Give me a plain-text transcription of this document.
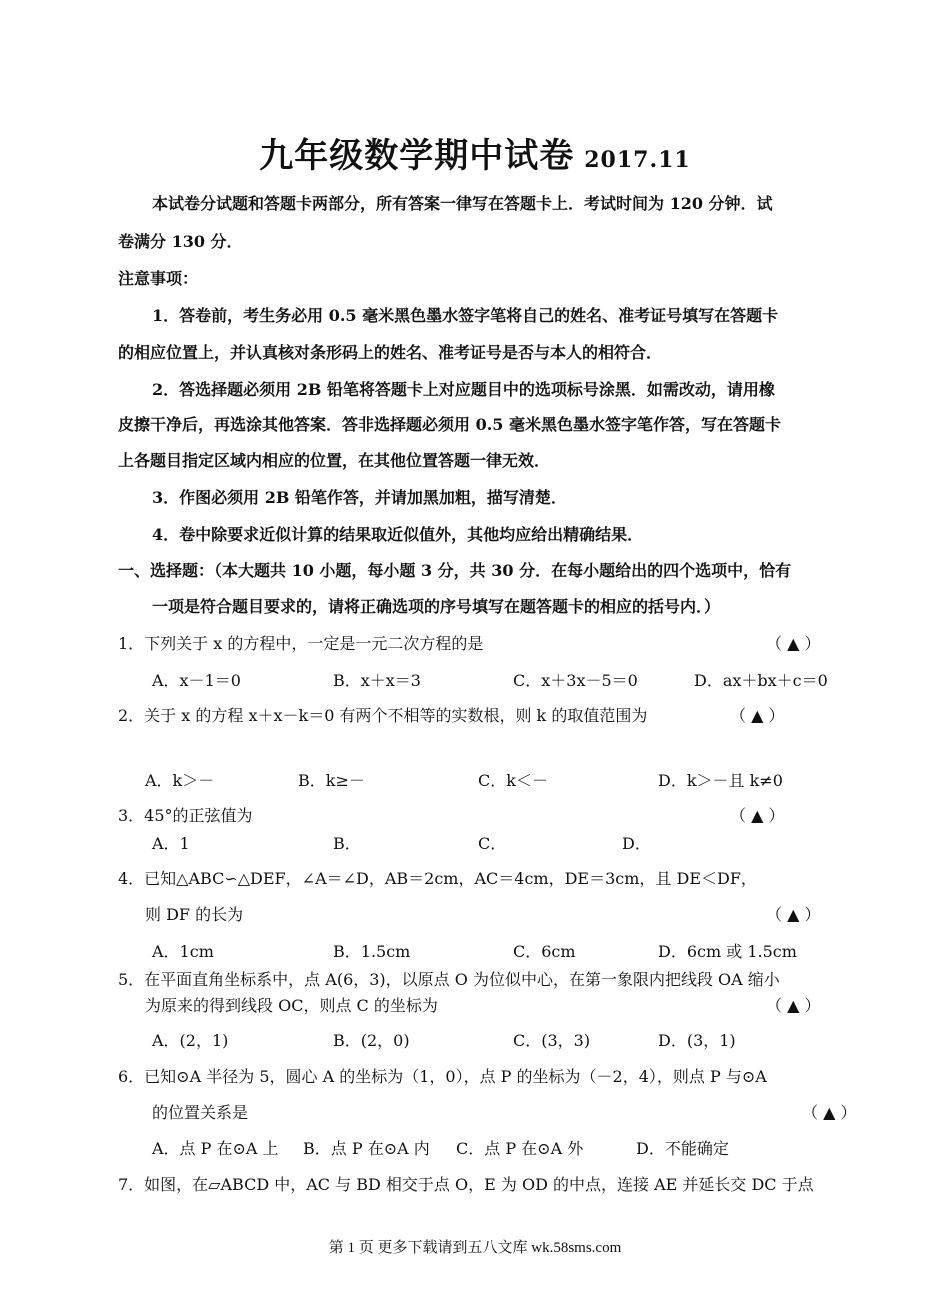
九年级数学期中试卷 2017.11
本试卷分试题和答题卡两部分，所有答案一律写在答题卡上．考试时间为 120 分钟．试
卷满分 130 分．
注意事项：
1．答卷前，考生务必用 0.5 毫米黑色墨水签字笔将自己的姓名、准考证号填写在答题卡
的相应位置上，并认真核对条形码上的姓名、准考证号是否与本人的相符合．
2．答选择题必须用 2B 铅笔将答题卡上对应题目中的选项标号涂黑．如需改动，请用橡
皮擦干净后，再选涂其他答案．答非选择题必须用 0.5 毫米黑色墨水签字笔作答，写在答题卡
上各题目指定区域内相应的位置，在其他位置答题一律无效．
3．作图必须用 2B 铅笔作答，并请加黑加粗，描写清楚．
4．卷中除要求近似计算的结果取近似值外，其他均应给出精确结果．
一、选择题：（本大题共 10 小题，每小题 3 分，共 30 分．在每小题给出的四个选项中，恰有
一项是符合题目要求的，请将正确选项的序号填写在题答题卡的相应的括号内．）
1．下列关于 x 的方程中，一定是一元二次方程的是	（ ▲ ）
A．x－1＝0	B．x＋x＝3	C．x＋3x－5＝0	D．ax＋bx＋c＝0
2．关于 x 的方程 x＋x－k＝0 有两个不相等的实数根，则 k 的取值范围为	（ ▲ ）
A．k＞－	B．k≥－	C．k＜－	D．k＞－且 k≠0
3．45°的正弦值为	（ ▲ ）
A．1	B．	C．	D．
4．已知△ABC∽△DEF，∠A＝∠D，AB＝2cm，AC＝4cm，DE＝3cm，且 DE＜DF，
则 DF 的长为	（ ▲ ）
A．1cm	B．1.5cm	C．6cm	D．6cm 或 1.5cm
5．在平面直角坐标系中，点 A(6，3)，以原点 O 为位似中心，在第一象限内把线段 OA 缩小
为原来的得到线段 OC，则点 C 的坐标为	（ ▲ ）
A．(2，1)	B．(2，0)	C．(3，3)	D．(3，1)
6．已知⊙A 半径为 5，圆心 A 的坐标为（1，0），点 P 的坐标为（－2，4），则点 P 与⊙A
的位置关系是	（ ▲ ）
A．点 P 在⊙A 上 B．点 P 在⊙A 内 C．点 P 在⊙A 外	D．不能确定
7．如图，在▱ABCD 中，AC 与 BD 相交于点 O，E 为 OD 的中点，连接 AE 并延长交 DC 于点
第 1 页 更多下载请到五八文库 wk.58sms.com
